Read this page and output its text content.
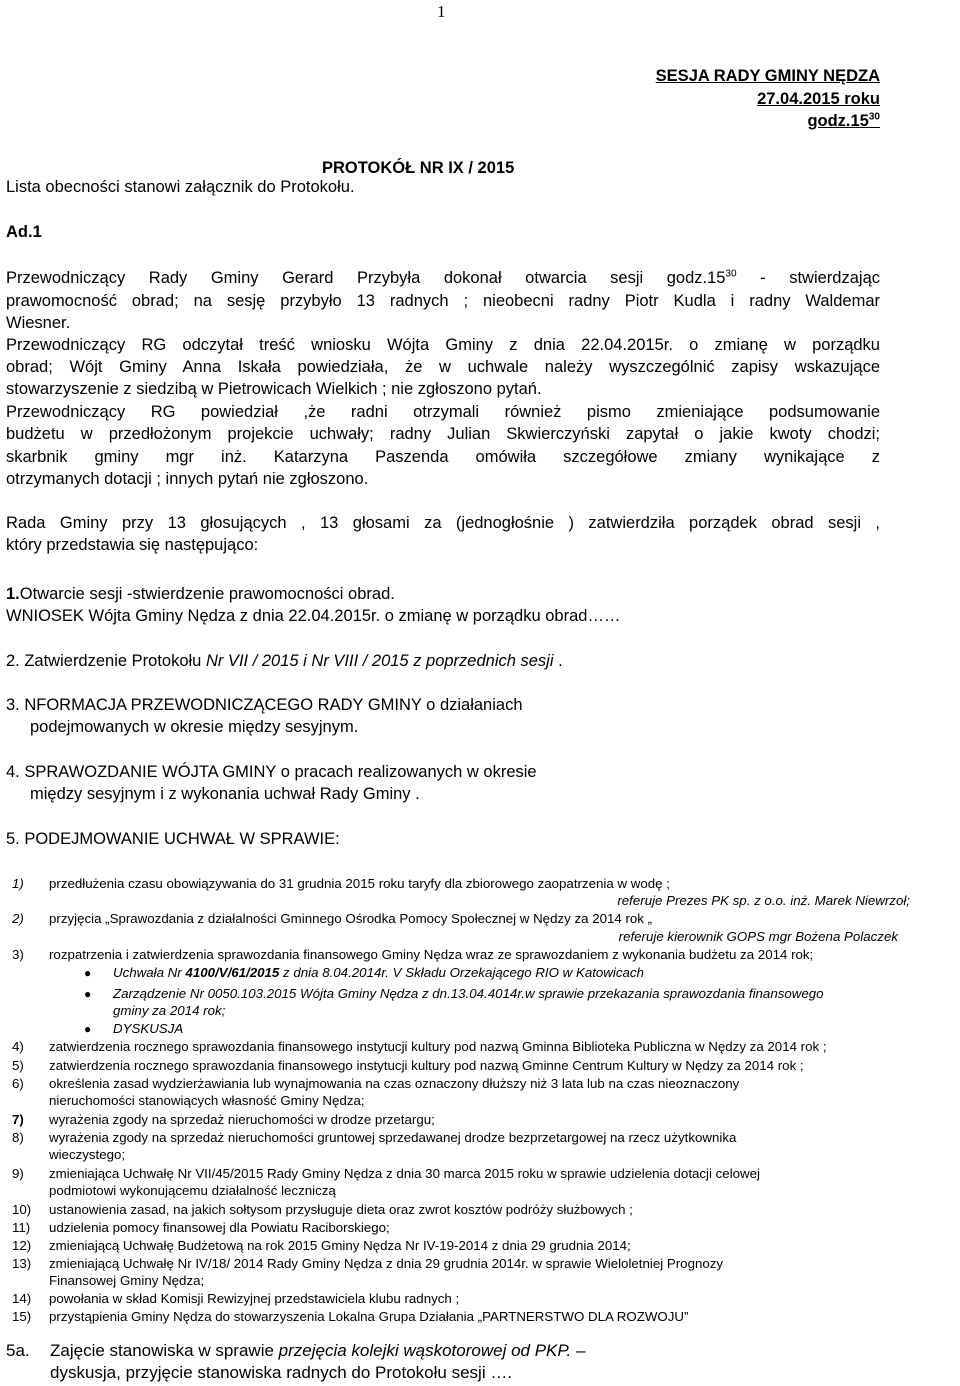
1
SESJA RADY GMINY NĘDZA
27.04.2015 roku
$godz.15^{30}$
PROTOKÓŁ NR IX / 2015
Lista obecności stanowi załącznik do Protokołu.
Ad.1
Przewodniczący Rady Gminy Gerard Przybyła dokonał otwarcia sesji $godz.15^{30}$ - stwierdzając
prawomocność obrad; na sesję przybyło 13 radnych ; nieobecni radny Piotr Kudla i radny Waldemar
Wiesner.
Przewodniczący RG odczytał treść wniosku Wójta Gminy z dnia 22.04.2015r. o zmianę w porządku
obrad; Wójt Gminy Anna Iskała powiedziała, że w uchwale należy wyszczególnić zapisy wskazujące
stowarzyszenie z siedzibą w Pietrowicach Wielkich ; nie zgłoszono pytań.
Przewodniczący RG powiedział ,że radni otrzymali również pismo zmieniające podsumowanie
budżetu w przedłożonym projekcie uchwały; radny Julian Skwierczyński zapytał o jakie kwoty chodzi;
skarbnik gminy mgr inż. Katarzyna Paszenda omówiła szczegółowe zmiany wynikające z
otrzymanych dotacji ; innych pytań nie zgłoszono.
Rada Gminy przy 13 głosujących , 13 głosami za (jednogłośnie ) zatwierdziła porządek obrad sesji ,
który przedstawia się następująco:
1.Otwarcie sesji -stwierdzenie prawomocności obrad.
WNIOSEK Wójta Gminy Nędza z dnia 22.04.2015r. o zmianę w porządku obrad……
2. Zatwierdzenie Protokołu Nr VII / 2015 i Nr VIII / 2015 z poprzednich sesji .
3. NFORMACJA PRZEWODNICZĄCEGO RADY GMINY o działaniach
podejmowanych w okresie między sesyjnym.
4. SPRAWOZDANIE WÓJTA GMINY o pracach realizowanych w okresie
między sesyjnym i z wykonania uchwał Rady Gminy .
5. PODEJMOWANIE UCHWAŁ W SPRAWIE:
1) przedłużenia czasu obowiązywania do 31 grudnia 2015 roku taryfy dla zbiorowego zaopatrzenia w wodę ;
referuje Prezes PK sp. z o.o. inż. Marek Niewrzoł;
2) przyjęcia „Sprawozdania z działalności Gminnego Ośrodka Pomocy Społecznej w Nędzy za 2014 rok „
referuje kierownik GOPS mgr Bożena Polaczek
3) rozpatrzenia i zatwierdzenia sprawozdania finansowego Gminy Nędza wraz ze sprawozdaniem z wykonania budżetu za 2014 rok;
● Uchwała Nr 4100/V/61/2015 z dnia 8.04.2014r. V Składu Orzekającego RIO w Katowicach
● Zarządzenie Nr 0050.103.2015 Wójta Gminy Nędza z dn.13.04.4014r.w sprawie przekazania sprawozdania finansowego
gminy za 2014 rok;
● DYSKUSJA
4) zatwierdzenia rocznego sprawozdania finansowego instytucji kultury pod nazwą Gminna Biblioteka Publiczna w Nędzy za 2014 rok ;
5) zatwierdzenia rocznego sprawozdania finansowego instytucji kultury pod nazwą Gminne Centrum Kultury w Nędzy za 2014 rok ;
6) określenia zasad wydzierżawiania lub wynajmowania na czas oznaczony dłuższy niż 3 lata lub na czas nieoznaczony
nieruchomości stanowiących własność Gminy Nędza;
7) wyrażenia zgody na sprzedaż nieruchomości w drodze przetargu;
8) wyrażenia zgody na sprzedaż nieruchomości gruntowej sprzedawanej drodze bezprzetargowej na rzecz użytkownika
wieczystego;
9) zmieniająca Uchwałę Nr VII/45/2015 Rady Gminy Nędza z dnia 30 marca 2015 roku w sprawie udzielenia dotacji celowej
podmiotowi wykonującemu działalność leczniczą
10) ustanowienia zasad, na jakich sołtysom przysługuje dieta oraz zwrot kosztów podróży służbowych ;
11) udzielenia pomocy finansowej dla Powiatu Raciborskiego;
12) zmieniającą Uchwałę Budżetową na rok 2015 Gminy Nędza Nr IV-19-2014 z dnia 29 grudnia 2014;
13) zmieniającą Uchwałę Nr IV/18/ 2014 Rady Gminy Nędza z dnia 29 grudnia 2014r. w sprawie Wieloletniej Prognozy
Finansowej Gminy Nędza;
14) powołania w skład Komisji Rewizyjnej przedstawiciela klubu radnych ;
15) przystąpienia Gminy Nędza do stowarzyszenia Lokalna Grupa Działania „PARTNERSTWO DLA ROZWOJU”
5a. Zajęcie stanowiska w sprawie przejęcia kolejki wąskotorowej od PKP. –
dyskusja, przyjęcie stanowiska radnych do Protokołu sesji ….
